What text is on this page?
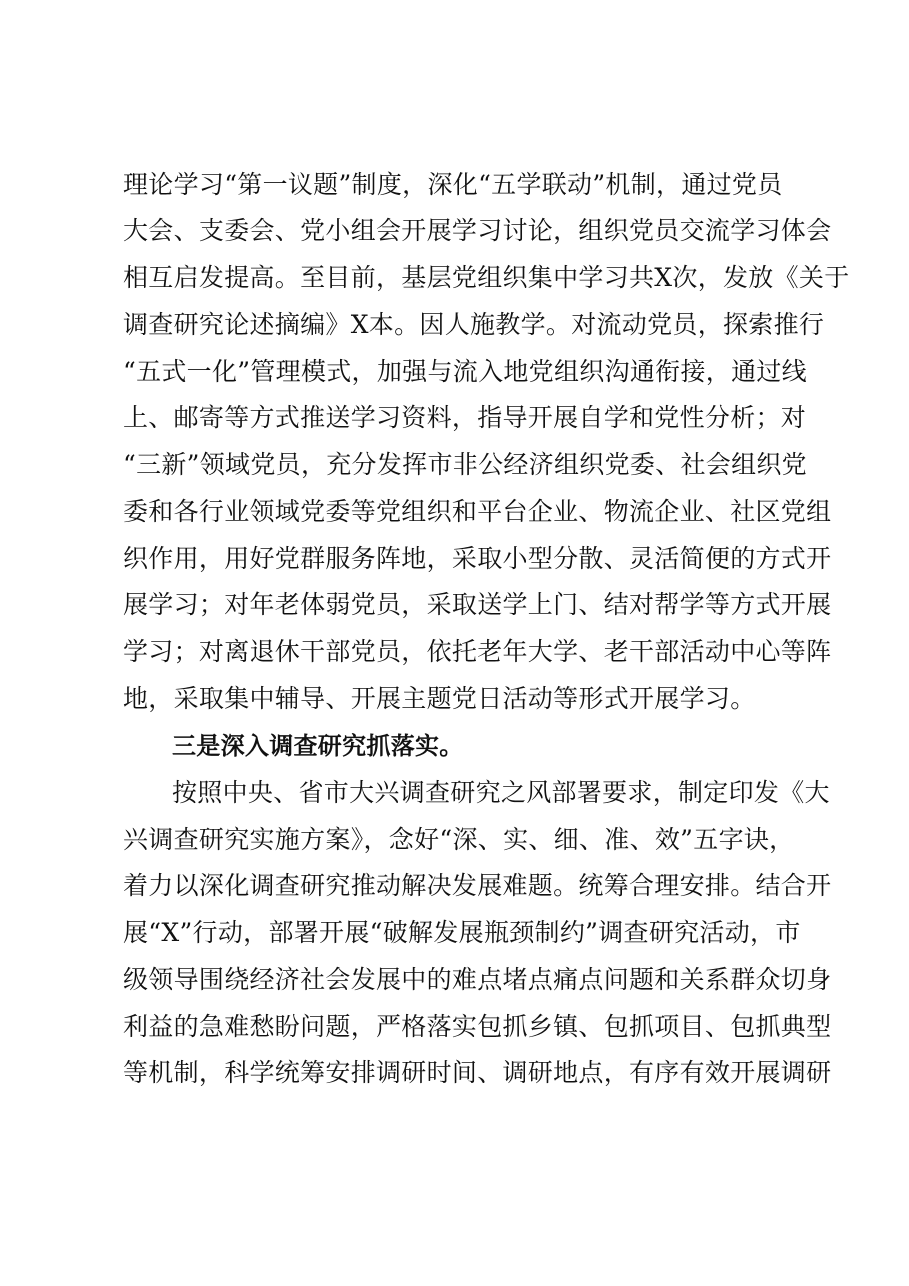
理论学习“第一议题”制度，深化“五学联动”机制，通过党员
大会、支委会、党小组会开展学习讨论，组织党员交流学习体会
相互启发提高。至目前，基层党组织集中学习共X次，发放《关于
调查研究论述摘编》X本。因人施教学。对流动党员，探索推行
“五式一化”管理模式，加强与流入地党组织沟通衔接，通过线
上、邮寄等方式推送学习资料，指导开展自学和党性分析；对
“三新”领域党员，充分发挥市非公经济组织党委、社会组织党
委和各行业领域党委等党组织和平台企业、物流企业、社区党组
织作用，用好党群服务阵地，采取小型分散、灵活简便的方式开
展学习；对年老体弱党员，采取送学上门、结对帮学等方式开展
学习；对离退休干部党员，依托老年大学、老干部活动中心等阵
地，采取集中辅导、开展主题党日活动等形式开展学习。
三是深入调查研究抓落实。
按照中央、省市大兴调查研究之风部署要求，制定印发《大
兴调查研究实施方案》，念好“深、实、细、准、效”五字诀，
着力以深化调查研究推动解决发展难题。统筹合理安排。结合开
展“X”行动，部署开展“破解发展瓶颈制约”调查研究活动，市
级领导围绕经济社会发展中的难点堵点痛点问题和关系群众切身
利益的急难愁盼问题，严格落实包抓乡镇、包抓项目、包抓典型
等机制，科学统筹安排调研时间、调研地点，有序有效开展调研
